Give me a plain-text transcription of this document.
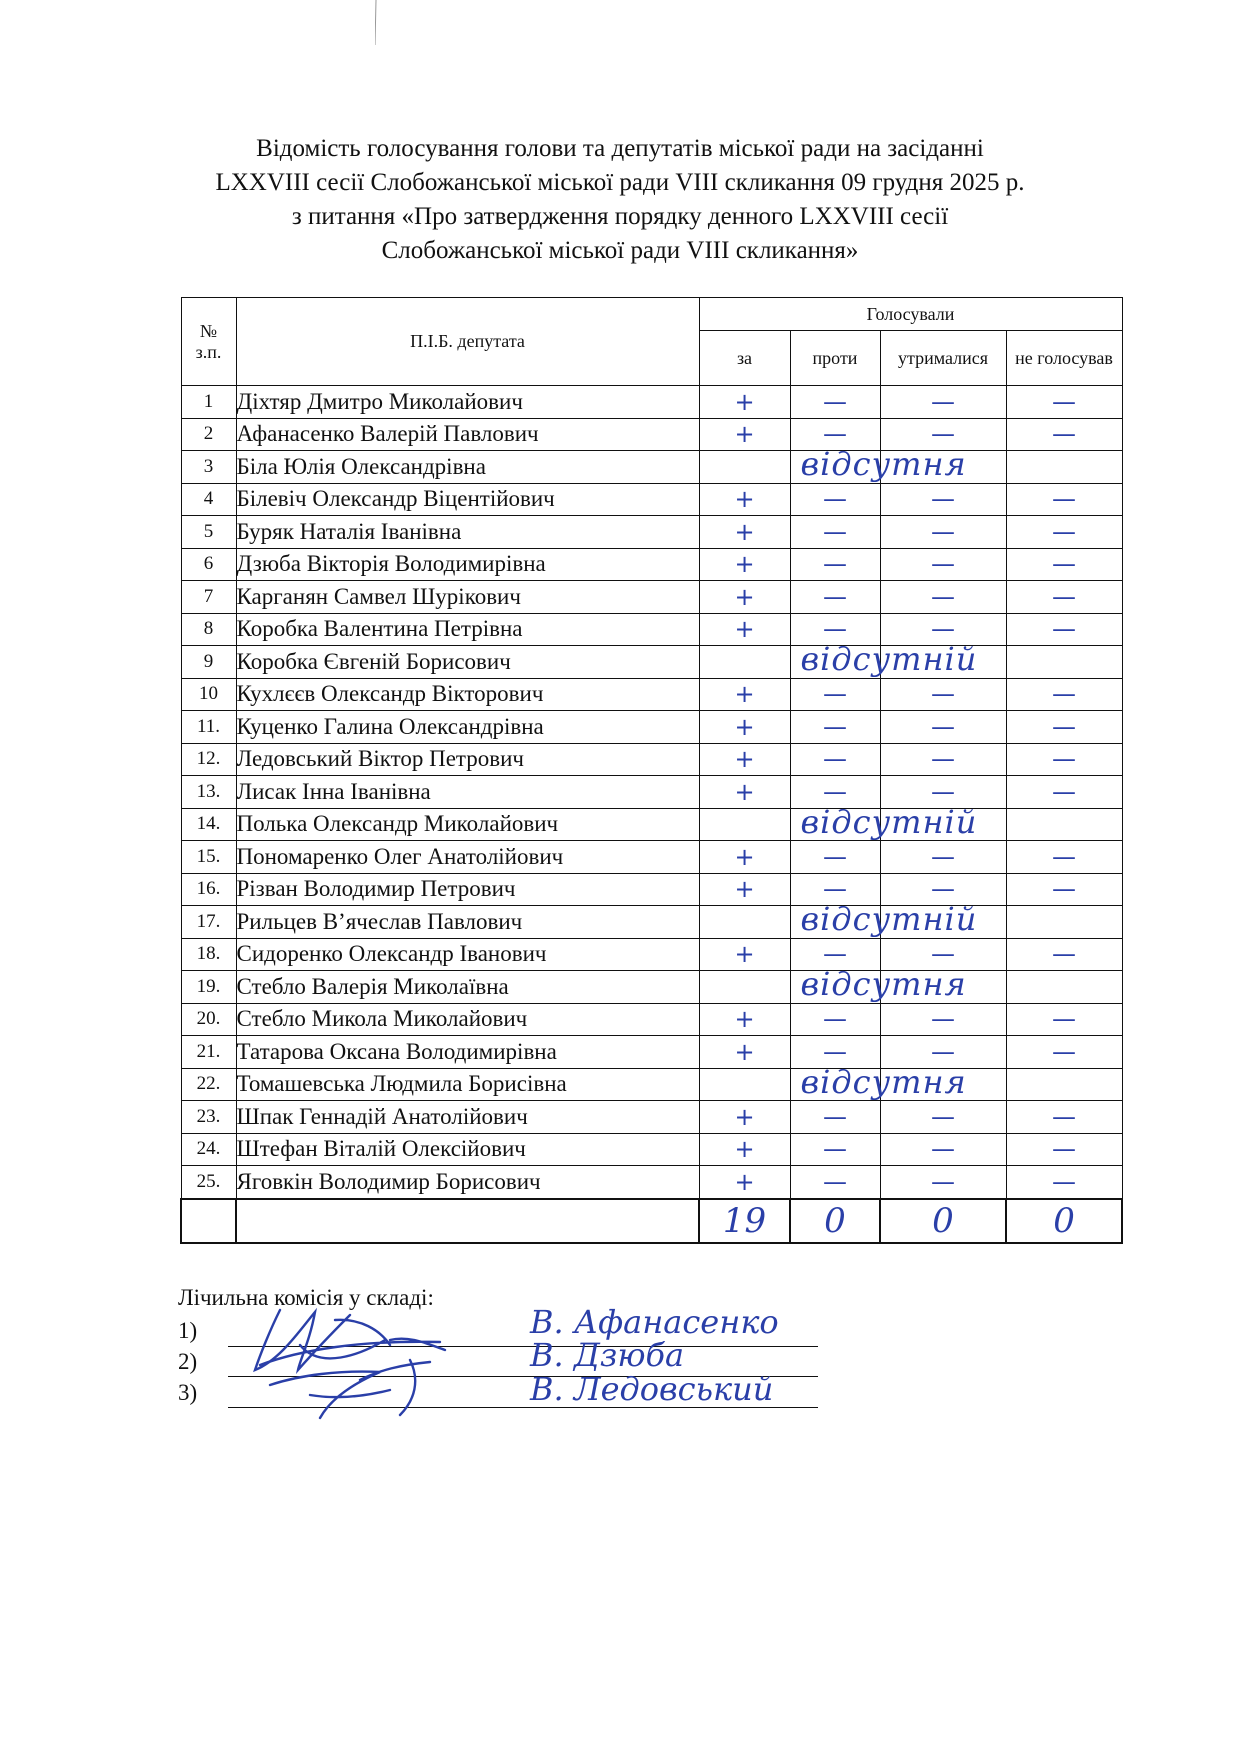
Відомість голосування голови та депутатів міської ради на засіданні
LXXVIII сесії Слобожанської міської ради VIII скликання 09 грудня 2025 р.
з питання «Про затвердження порядку денного LXXVIII сесії
Слобожанської міської ради VIII скликання»
№
з.п.	П.І.Б. депутата	Голосували			
		за	проти	утрималися	не голосував
1	Діхтяр Дмитро Миколайович	+	—	—	—

2	Афанасенко Валерій Павлович	+	—	—	—

3	Біла Юлія Олександрівна		відсутня		

4	Білевіч Олександр Віцентійович	+	—	—	—

5	Буряк Наталія Іванівна	+	—	—	—

6	Дзюба Вікторія Володимирівна	+	—	—	—

7	Карганян Самвел Шурікович	+	—	—	—

8	Коробка Валентина Петрівна	+	—	—	—

9	Коробка Євгеній Борисович		відсутній		

10	Кухлєєв Олександр Вікторович	+	—	—	—

11.	Куценко Галина Олександрівна	+	—	—	—

12.	Ледовський Віктор Петрович	+	—	—	—

13.	Лисак Інна Іванівна	+	—	—	—

14.	Полька Олександр Миколайович		відсутній		

15.	Пономаренко Олег Анатолійович	+	—	—	—

16.	Різван Володимир Петрович	+	—	—	—

17.	Рильцев В’ячеслав Павлович		відсутній		

18.	Сидоренко Олександр Іванович	+	—	—	—

19.	Стебло Валерія Миколаївна		відсутня		

20.	Стебло Микола Миколайович	+	—	—	—

21.	Татарова Оксана Володимирівна	+	—	—	—

22.	Томашевська Людмила Борисівна		відсутня		

23.	Шпак Геннадій Анатолійович	+	—	—	—

24.	Штефан Віталій Олексійович	+	—	—	—

25.	Яговкін Володимир Борисович	+	—	—	—

		19	0	0	0
Лічильна комісія у складі:
1)	В. Афанасенко
2)	В. Дзюба
3)	В. Ледовський
